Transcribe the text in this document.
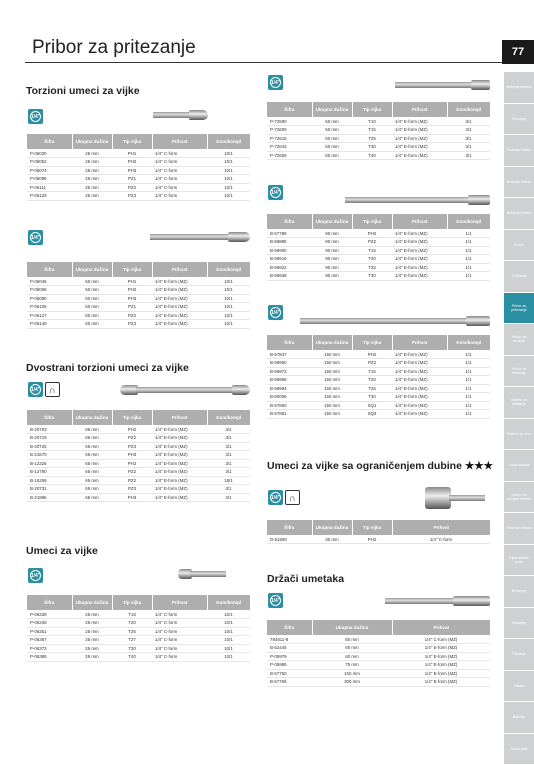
Pribor za pritezanje	77
Torzioni umeci za vijke
1/4"
Šifra	Ukupna dužina	Tip vijka	Prihvat	Kom/kompl
P-06030	25 mm	PH1	1/4" C-form	10/1
P-06052	25 mm	PH2	1/4" C-form	10/1
P-06074	25 mm	PH3	1/4" C-form	10/1
P-06096	25 mm	PZ1	1/4" C-form	10/1
P-06111	25 mm	PZ2	1/4" C-form	10/1
P-06133	25 mm	PZ3	1/4" C-form	10/1
1/4"
Šifra	Ukupna dužina	Tip vijka	Prihvat	Kom/kompl
P-06046	50 mm	PH1	1/4" E-form (MZ)	10/1
P-06068	50 mm	PH2	1/4" E-form (MZ)	10/1
P-06080	50 mm	PH3	1/4" E-form (MZ)	10/1
P-06105	50 mm	PZ1	1/4" E-form (MZ)	10/1
P-06127	50 mm	PZ2	1/4" E-form (MZ)	10/1
P-06149	50 mm	PZ3	1/4" E-form (MZ)	10/1
Dvostrani torzioni umeci za vijke
1/4"	∩
Šifra	Ukupna dužina	Tip vijka	Prihvat	Kom/kompl
B-20703	65 mm	PH2	1/4" E-form (MZ)	3/1
B-20719	65 mm	PZ2	1/4" E-form (MZ)	3/1
B-20725	65 mm	PZ3	1/4" E-form (MZ)	3/1
B-21870	65 mm	PH3	1/4" E-form (MZ)	3/1
B-12326	65 mm	PH2	1/4" E-form (MZ)	3/1
B-12790	65 mm	PZ2	1/4" E-form (MZ)	3/1
B-16259	65 mm	PZ2	1/4" E-form (MZ)	18/1
B-20731	65 mm	PZ3	1/4" E-form (MZ)	3/1
B-21886	65 mm	PH3	1/4" E-form (MZ)	3/1
Umeci za vijke
1/4"
Šifra	Ukupna dužina	Tip vijka	Prihvat	Kom/kompl
P-06339	25 mm	T15	1/4" C-form	10/1
P-06345	25 mm	T20	1/4" C-form	10/1
P-06351	25 mm	T25	1/4" C-form	10/1
P-06367	25 mm	T27	1/4" C-form	10/1
P-06373	25 mm	T30	1/4" C-form	10/1
P-06389	25 mm	T40	1/4" C-form	10/1
1/4"
Šifra	Ukupna dužina	Tip vijka	Prihvat	Kom/kompl
P-72590	50 mm	T10	1/4" E-form (MZ)	3/1
P-72609	50 mm	T15	1/4" E-form (MZ)	3/1
P-72615	50 mm	T25	1/4" E-form (MZ)	3/1
P-72643	50 mm	T30	1/4" E-form (MZ)	3/1
P-72659	50 mm	T40	1/4" E-form (MZ)	3/1
1/4"
Šifra	Ukupna dužina	Tip vijka	Prihvat	Kom/kompl
B-57788	90 mm	PH2	1/4" E-form (MZ)	1/1
B-59885	90 mm	PZ2	1/4" E-form (MZ)	1/1
B-59900	90 mm	T15	1/4" E-form (MZ)	1/1
B-59916	90 mm	T20	1/4" E-form (MZ)	1/1
B-59922	90 mm	T25	1/4" E-form (MZ)	1/1
B-59938	90 mm	T30	1/4" E-form (MZ)	1/1
1/4"
Šifra	Ukupna dužina	Tip vijka	Prihvat	Kom/kompl
B-57847	150 mm	PH2	1/4" E-form (MZ)	1/1
B-59960	150 mm	PZ2	1/4" E-form (MZ)	1/1
B-59972	150 mm	T15	1/4" E-form (MZ)	1/1
B-59966	150 mm	T20	1/4" E-form (MZ)	1/1
B-59994	150 mm	T25	1/4" E-form (MZ)	1/1
B-60006	150 mm	T30	1/4" E-form (MZ)	1/1
B-57860	150 mm	SQ1	1/4" E-form (MZ)	1/1
B-57881	150 mm	SQ3	1/4" E-form (MZ)	1/1
Umeci za vijke sa ograničenjem dubine ★★★
1/4"	∩
Šifra	Ukupna dužina	Tip vijka	Prihvat
D-61690	30 mm	PH2	1/4" C-form
Držači umetaka
1/4"
Šifra	Ukupna dužina	Prihvat
784811-8	60 mm	1/4" C-form (MZ)
B-52445	60 mm	1/4" E-form (MZ)
P-05979	60 mm	1/4" E-form (MZ)
P-05985	75 mm	1/4" E-form (MZ)
B-57750	150 mm	1/4" E-form (MZ)
B-57766	300 mm	1/4" E-form (MZ)
Bušenje betona
Klesanje
Bušenje čelika
Bušenje drveta
Bušenje metala
Krune
Šrafljenje
Pribor za pritezanje
Pribor za rezanje
Pribor za brušenje
Noževi za blanjanje
Testere za drvo
Lanci testera
Listovi za ubodne testere
Sečenje metala
Dijamantske ploče
Brušenje
Poliranje
Čišćenje
Ostalo
Baterije
Ručni alati
